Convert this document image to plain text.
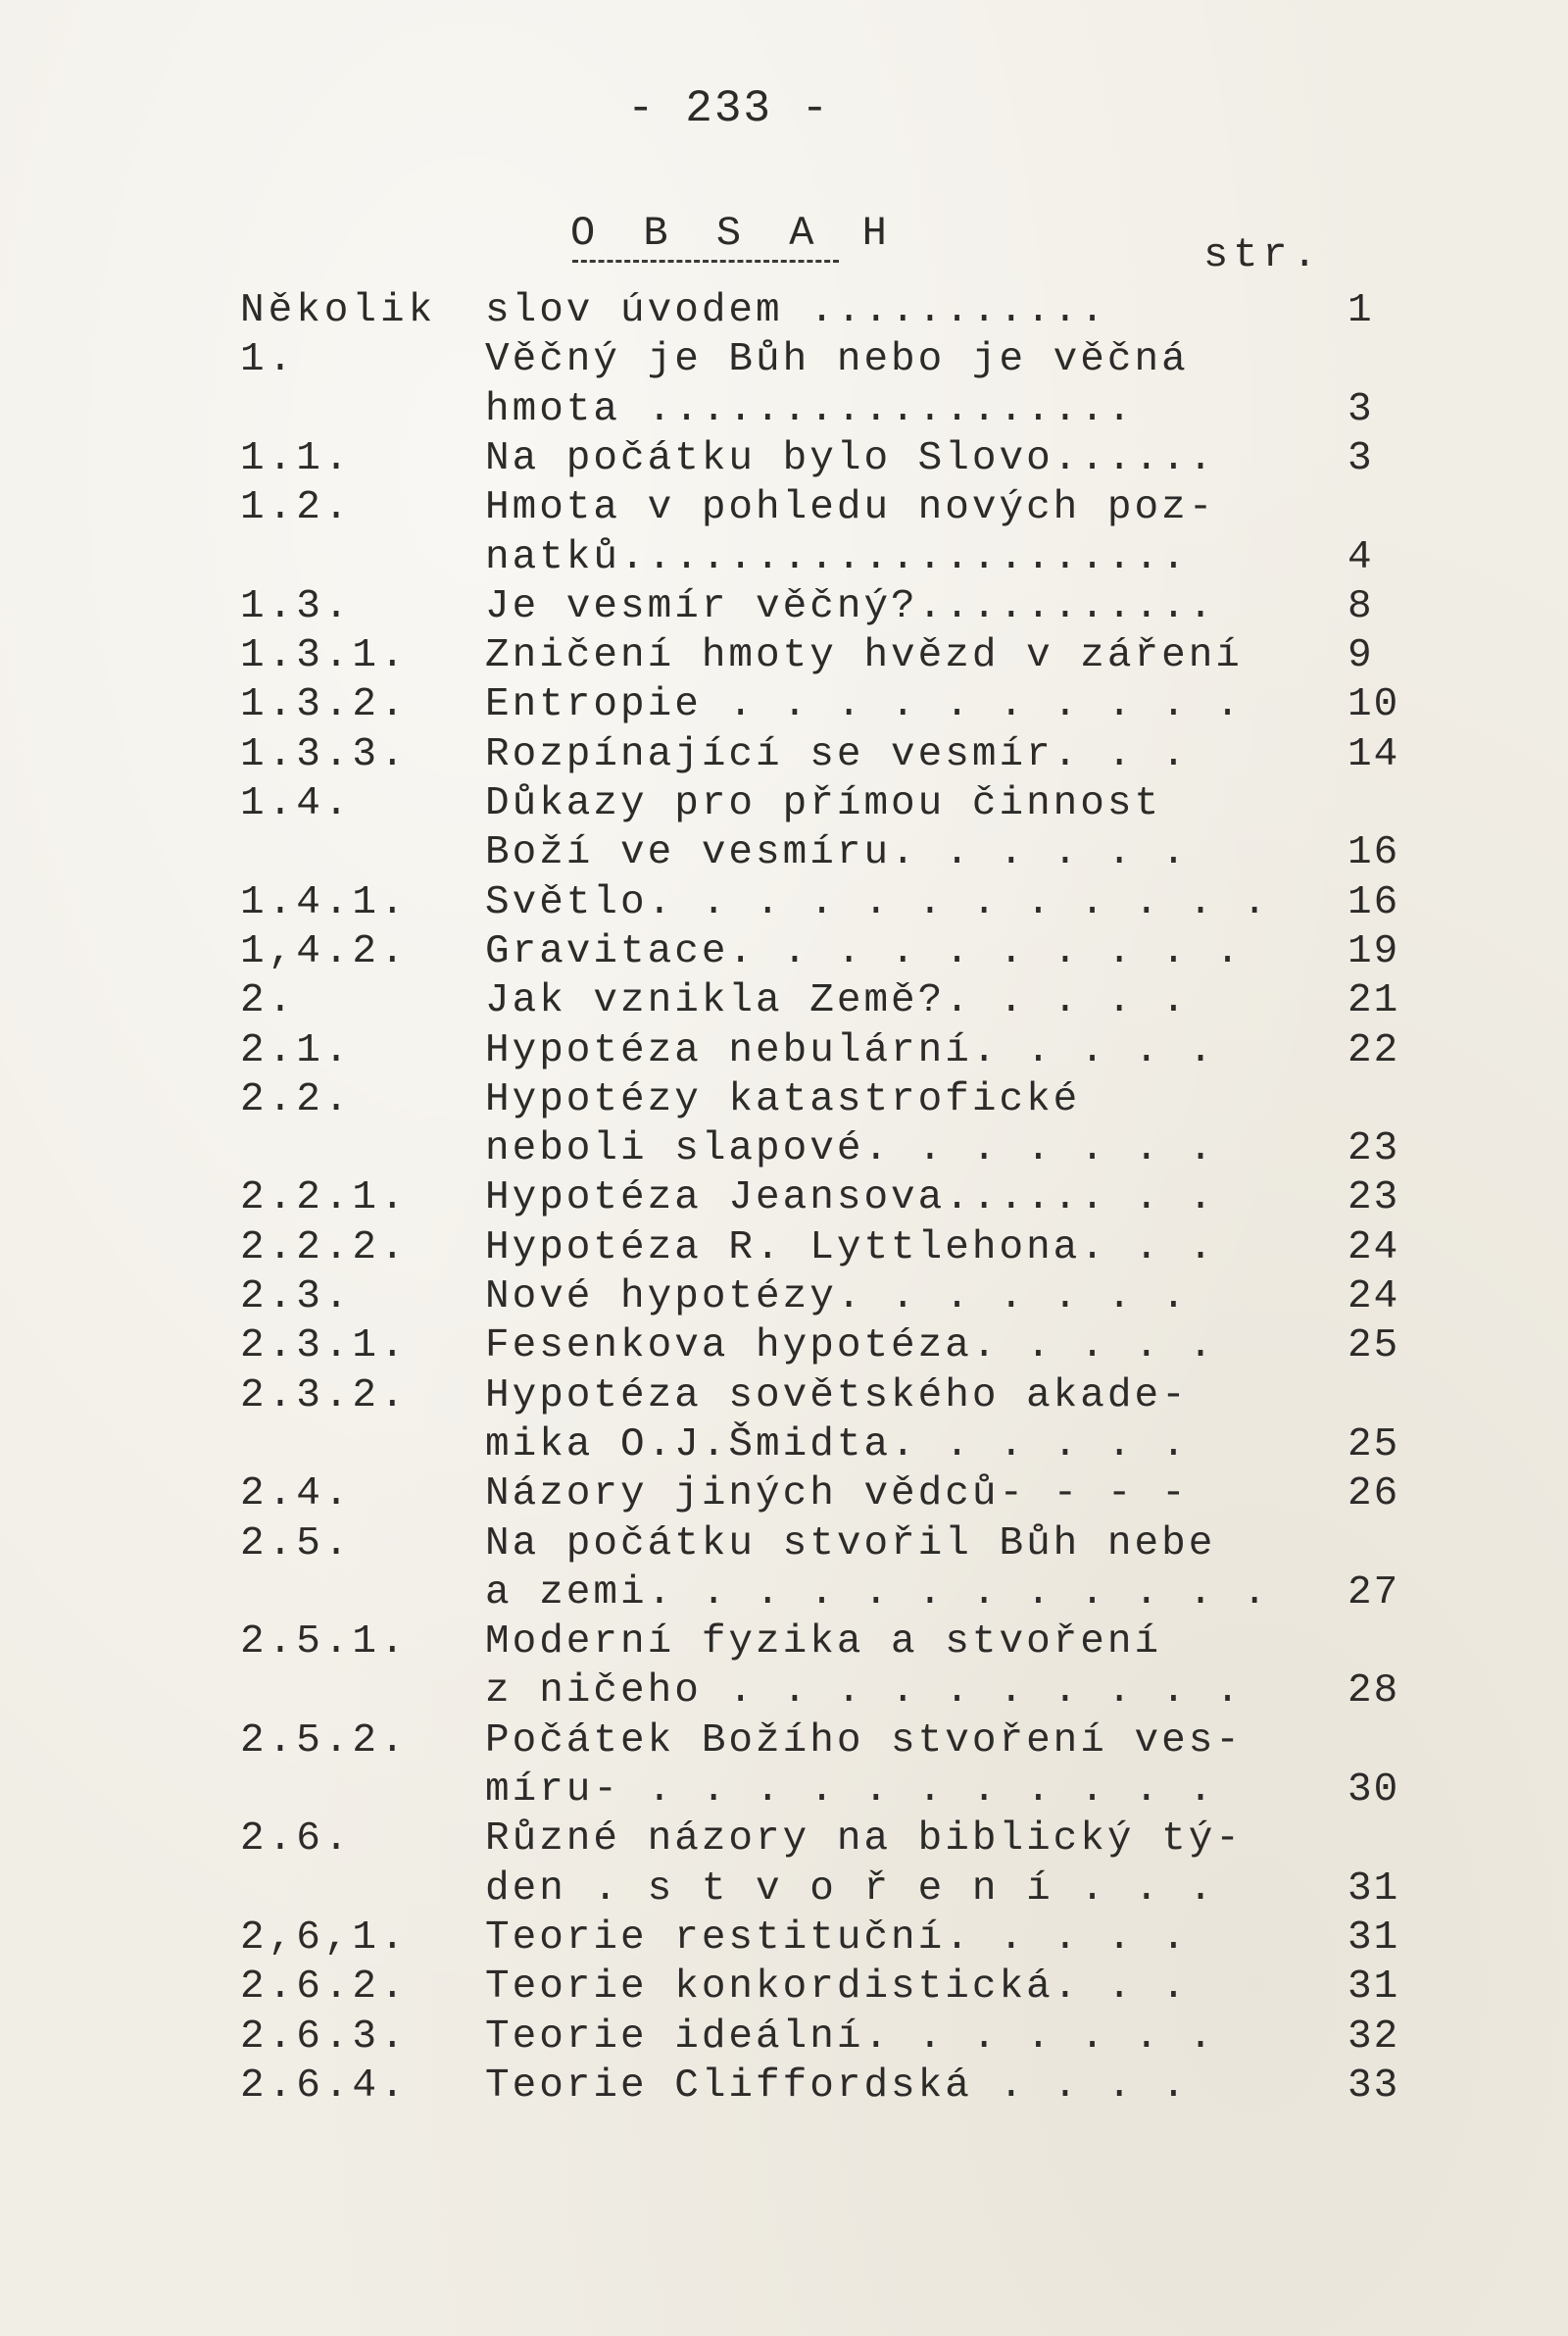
- 233 -
O B S A H	str.
Několik slov úvodem ...........	1
1.	Věčný je Bůh nebo je věčná
hmota ..................	3
1.1.	Na počátku bylo Slovo......	3
1.2.	Hmota v pohledu nových poz-
natků.....................	4
1.3.	Je vesmír věčný?...........	8
1.3.1. Zničení hmoty hvězd v záření	9
1.3.2. Entropie . . . . . . . . . .	10
1.3.3. Rozpínající se vesmír. . .	14
1.4.	Důkazy pro přímou činnost
Boží ve vesmíru. . . . . .	16
1.4.1. Světlo. . . . . . . . . . . . 16
1,4.2. Gravitace. . . . . . . . . .	19
2.	Jak vznikla Země?. . . . .	21
2.1.	Hypotéza nebulární. . . . .	22
2.2.	Hypotézy katastrofické
neboli slapové. . . . . . .	23
2.2.1. Hypotéza Jeansova...... . .	23
2.2.2. Hypotéza R. Lyttlehona. . .	24
2.3.	Nové hypotézy. . . . . . .	24
2.3.1. Fesenkova hypotéza. . . . .	25
2.3.2. Hypotéza sovětského akade-
mika O.J.Šmidta. . . . . .	25
2.4.	Názory jiných vědců- - - -	26
2.5.	Na počátku stvořil Bůh nebe
a zemi. . . . . . . . . . . . 27
2.5.1. Moderní fyzika a stvoření
z ničeho . . . . . . . . . .	28
2.5.2. Počátek Božího stvoření ves-
míru- . . . . . . . . . . .	30
2.6.	Různé názory na biblický tý-
den . s t v o ř e n í . . .	31
2,6,1. Teorie restituční. . . . .	31
2.6.2. Teorie konkordistická. . .	31
2.6.3. Teorie ideální. . . . . . .	32
2.6.4. Teorie Cliffordská . . . .	33
